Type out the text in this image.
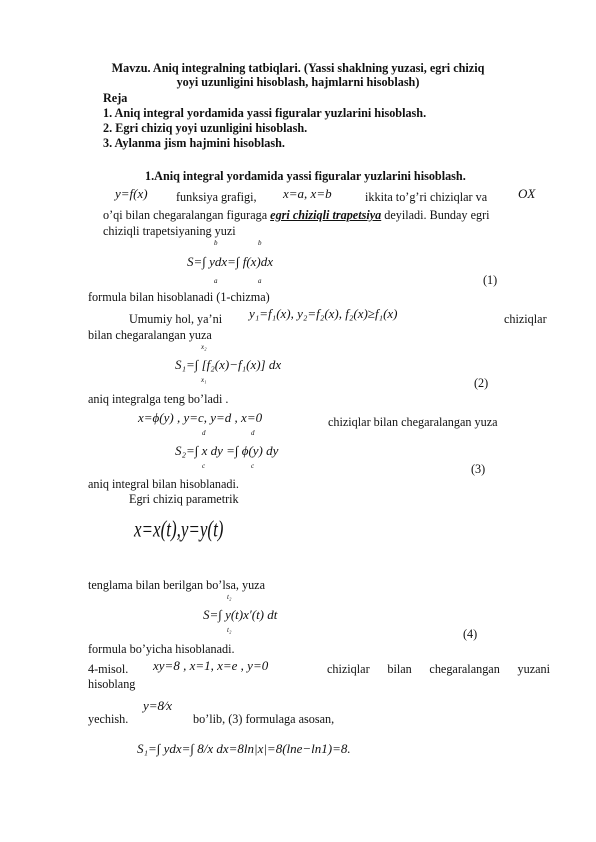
Mavzu. Aniq integralning tatbiqlari. (Yassi shaklning yuzasi, egri chiziq
yoyi uzunligini hisoblash, hajmlarni hisoblash)
Reja
1. Aniq integral yordamida yassi figuralar yuzlarini hisoblash.
2. Egri chiziq yoyi uzunligini hisoblash.
3. Aylanma jism hajmini hisoblash.
1.Aniq integral yordamida yassi figuralar yuzlarini hisoblash.
y=f(x) funksiya grafigi, x=a, x=b	ikkita to’g’ri chiziqlar va OX
o’qi bilan chegaralangan figuraga egri chiziqli trapetsiya deyiladi. Bunday egri
chiziqli trapetsiyaning yuzi
b	b
S=∫ ydx=∫ f(x)dx
a	a	(1)
formula bilan hisoblanadi (1-chizma)
Umumiy hol, ya’ni y₁=f₁(x), y₂=f₂(x), f₂(x)≥f₁(x)	chiziqlar
bilan chegaralangan yuza
x₂
S₁=∫ [f₂(x)−f₁(x)] dx
x₁	(2)
aniq integralga teng bo’ladi .
x=ϕ(y) , y=c, y=d , x=0	chiziqlar bilan chegaralangan yuza
d	d
S₂=∫ x dy =∫ ϕ(y) dy
c	c	(3)
aniq integral bilan hisoblanadi.
Egri chiziq parametrik
x=x(t),y=y(t)
tenglama bilan berilgan bo’lsa, yuza
t₂
S=∫ y(t)x′(t) dt
t₂	(4)
formula bo’yicha hisoblanadi.
4-misol. xy=8 , x=1, x=e , y=0	chiziqlar bilan chegaralangan yuzani
hisoblang
yechish.
y=8⁄x
bo’lib, (3) formulaga asosan,
S₁=∫ ydx=∫ 8/x dx=8ln|x|=8(lne−ln1)=8.
